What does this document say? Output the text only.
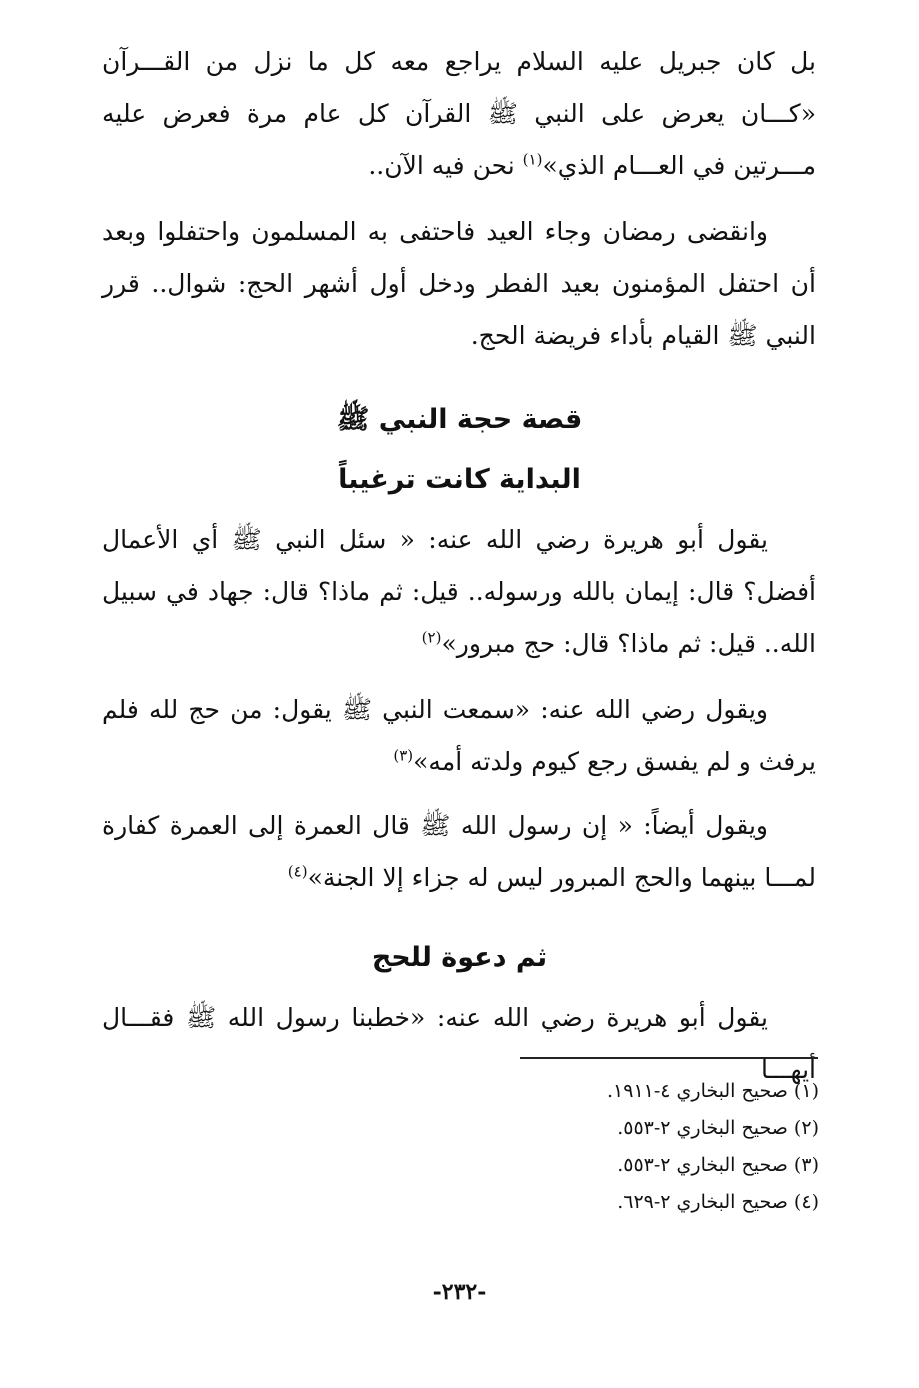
بل كان جبريل عليه السلام يراجع معه كل ما نزل من القـــرآن «كـــان يعرض على النبي ﷺ القرآن كل عام مرة فعرض عليه مـــرتين في العـــام الذي»$^{(١)}$ نحن فيه الآن..

وانقضى رمضان وجاء العيد فاحتفى به المسلمون واحتفلوا وبعد أن احتفل المؤمنون بعيد الفطر ودخل أول أشهر الحج: شوال.. قرر النبي ﷺ القيام بأداء فريضة الحج.

قصة حجة النبي ﷺ
البداية كانت ترغيباً

يقول أبو هريرة رضي الله عنه: « سئل النبي ﷺ أي الأعمال أفضل؟ قال: إيمان بالله ورسوله.. قيل: ثم ماذا؟ قال: جهاد في سبيل الله.. قيل: ثم ماذا؟ قال: حج مبرور»$^{(٢)}$

ويقول رضي الله عنه: «سمعت النبي ﷺ يقول: من حج لله فلم يرفث و لم يفسق رجع كيوم ولدته أمه»$^{(٣)}$

ويقول أيضاً: « إن رسول الله ﷺ قال العمرة إلى العمرة كفارة لمـــا بينهما والحج المبرور ليس له جزاء إلا الجنة»$^{(٤)}$

ثم دعوة للحج

يقول أبو هريرة رضي الله عنه: «خطبنا رسول الله ﷺ فقـــال أيهـــا

(١) صحيح البخاري ٤-١٩١١.
(٢) صحيح البخاري ٢-٥٥٣.
(٣) صحيح البخاري ٢-٥٥٣.
(٤) صحيح البخاري ٢-٦٢٩.
-٢٣٢-
